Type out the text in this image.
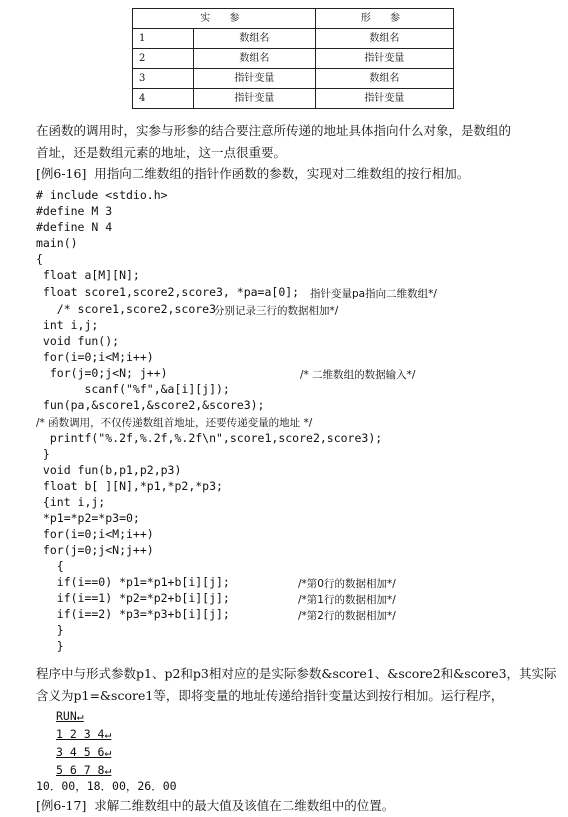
实 参		形 参
1	数组名	数组名
2	数组名	指针变量
3	指针变量	数组名
4	指针变量	指针变量
在函数的调用时，实参与形参的结合要注意所传递的地址具体指向什么对象，是数组的
首址，还是数组元素的地址，这一点很重要。
[例6-16] 用指向二维数组的指针作函数的参数，实现对二维数组的按行相加。
# include <stdio.h>
#define M 3
#define N 4
main()
{
float a[M][N];
float score1,score2,score3, *pa=a[0]; 指针变量pa指向二维数组*/
/* score1,score2,score3
分别记录三行的数据相加*/
int i,j;
void fun();
for(i=0;i<M;i++)
for(j=0;j<N; j++)	/* 二维数组的数据输入*/
scanf("%f",&a[i][j]);
fun(pa,&score1,&score2,&score3);
/* 函数调用，不仅传递数组首地址，还要传递变量的地址 */
printf("%.2f,%.2f,%.2f\n",score1,score2,score3);
}
void fun(b,p1,p2,p3)
float b[ ][N],*p1,*p2,*p3;
{int i,j;
*p1=*p2=*p3=0;
for(i=0;i<M;i++)
for(j=0;j<N;j++)
{
if(i==0) *p1=*p1+b[i][j];	/*第0行的数据相加*/
if(i==1) *p2=*p2+b[i][j];	/*第1行的数据相加*/
if(i==2) *p3=*p3+b[i][j];	/*第2行的数据相加*/
}
}
程序中与形式参数p1、p2和p3相对应的是实际参数&score1、&score2和&score3，其实际
含义为p1=&score1等，即将变量的地址传递给指针变量达到按行相加。运行程序，
RUN↵
1 2 3 4↵
3 4 5 6↵
5 6 7 8↵
10．00，18．00，26．00
[例6-17] 求解二维数组中的最大值及该值在二维数组中的位置。
